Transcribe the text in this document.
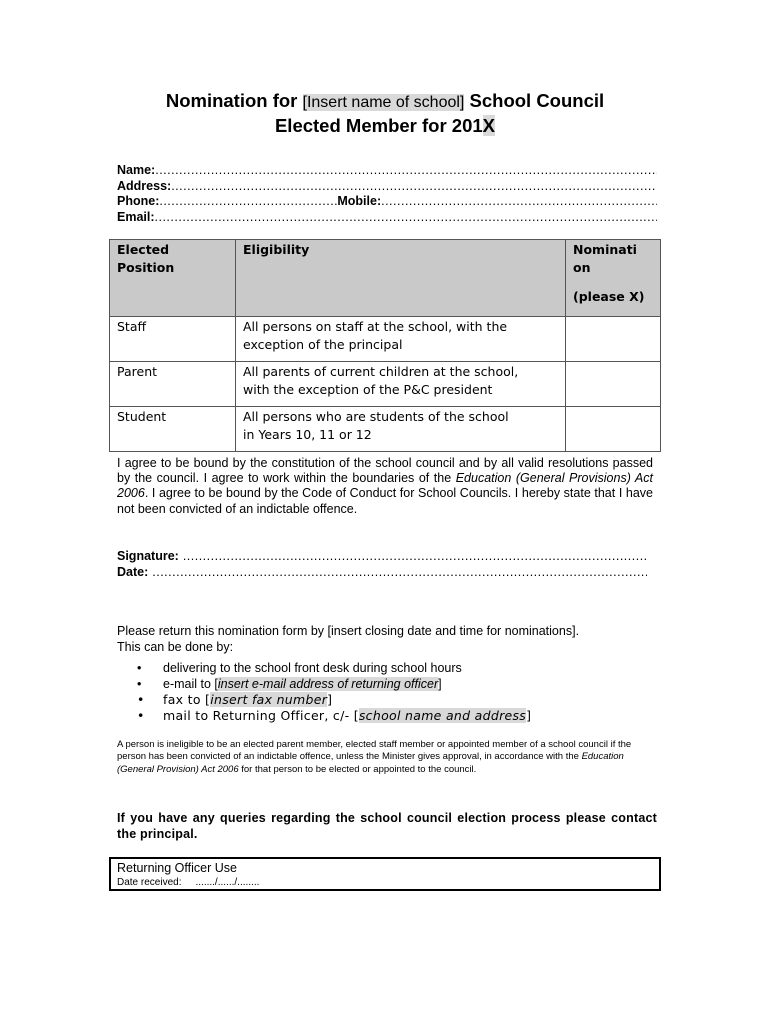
Nomination for [Insert name of school] School Council
Elected Member for 201X
Name:
.....
Address:
.....
Phone: .....	Mobile:
.....
Email:
.....
Elected
Position	Eligibility	Nominati
on

(please X)

Staff	All persons on staff at the school, with the
exception of the principal	
Parent	All parents of current children at the school,
with the exception of the P&C president	
Student	All persons who are students of the school
in Years 10, 11 or 12	
I agree to be bound by the constitution of the school council and by all valid resolutions passed by the council. I agree to work within the boundaries of the Education (General Provisions) Act 2006. I agree to be bound by the Code of Conduct for School Councils. I hereby state that I have not been convicted of an indictable offence.
Signature:
.....
Date:
.....
Please return this nomination form by [insert closing date and time for nominations].
This can be done by:
• delivering to the school front desk during school hours
• e-mail to [insert e-mail address of returning officer]
• fax to [insert fax number]
• mail to Returning Officer, c/- [school name and address]
A person is ineligible to be an elected parent member, elected staff member or appointed member of a school council if the person has been convicted of an indictable offence, unless the Minister gives approval, in accordance with the Education (General Provision) Act 2006 for that person to be elected or appointed to the council.
If you have any queries regarding the school council election process please contact the principal.
Returning Officer Use
Date received: ......./....../........
